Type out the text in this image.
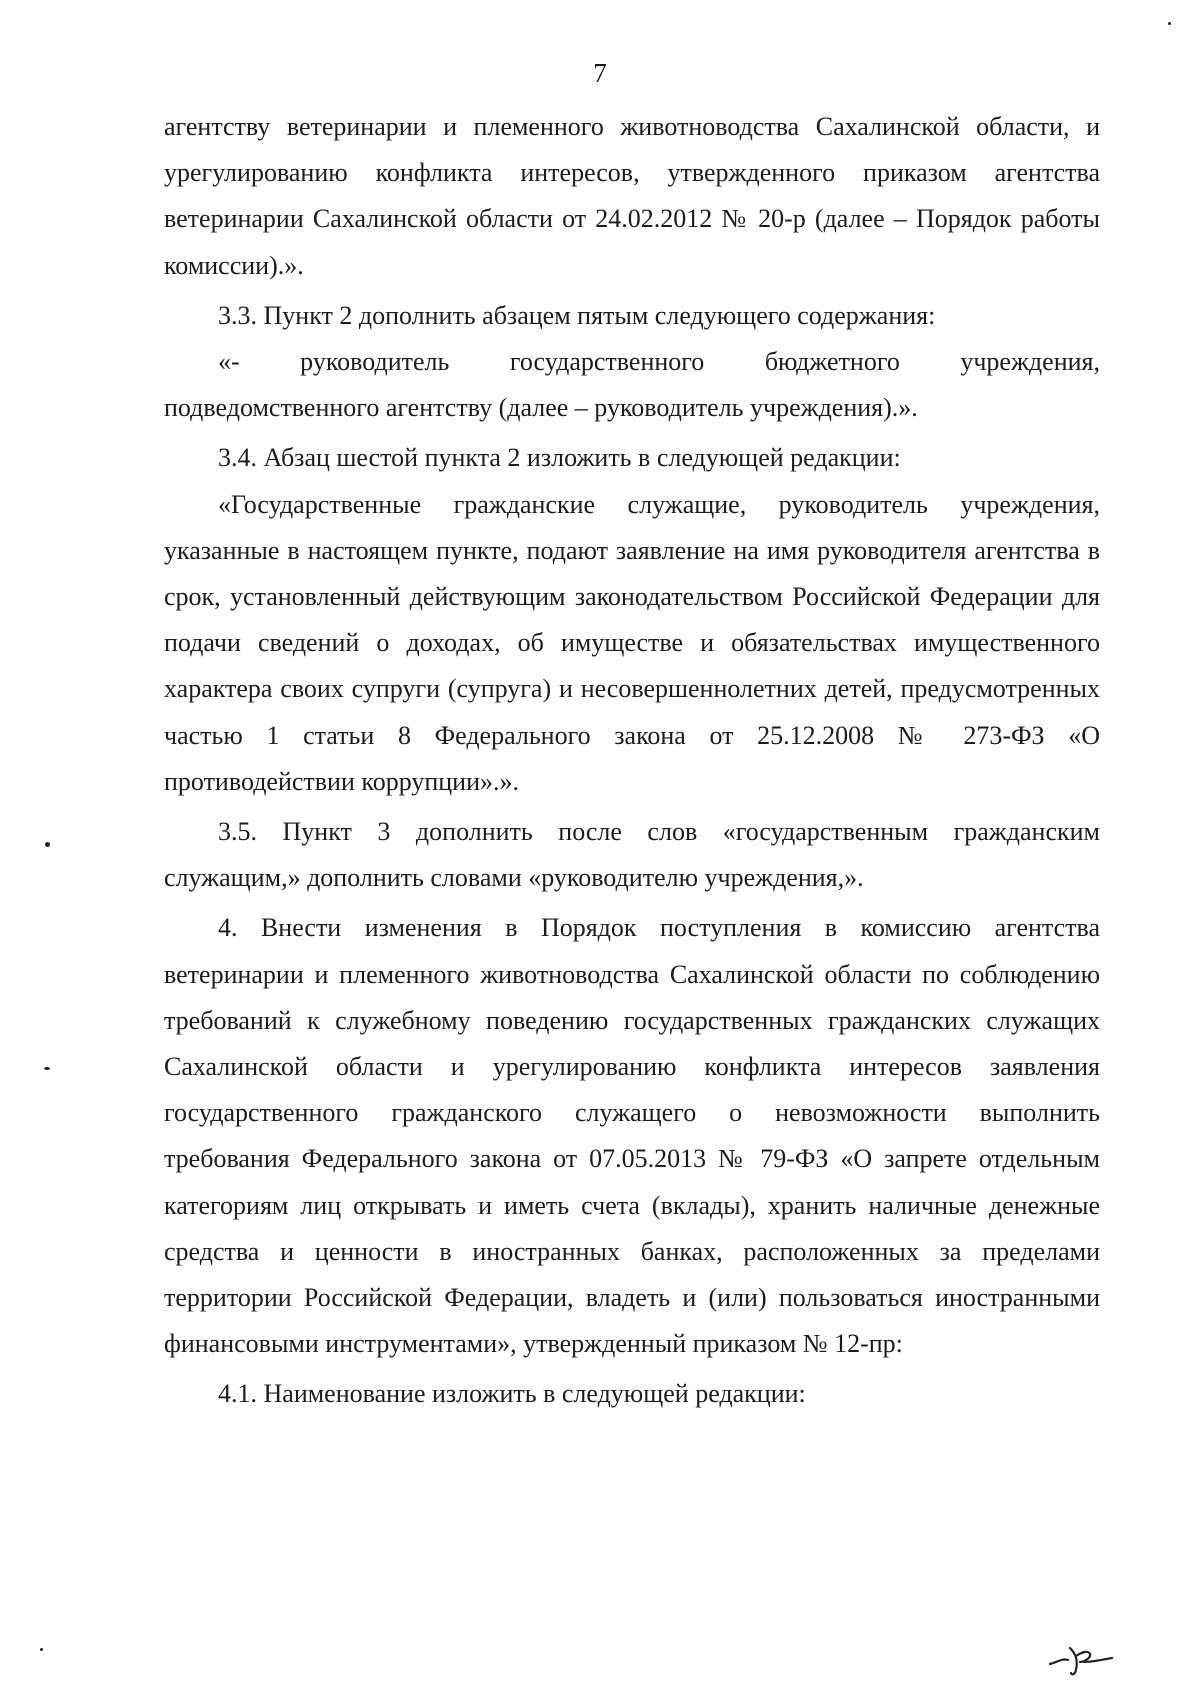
7

агентству ветеринарии и племенного животноводства Сахалинской области, и урегулированию конфликта интересов, утвержденного приказом агентства ветеринарии Сахалинской области от 24.02.2012 № 20-р (далее – Порядок работы комиссии).».

3.3. Пункт 2 дополнить абзацем пятым следующего содержания:

«- руководитель государственного бюджетного учреждения, подведомственного агентству (далее – руководитель учреждения).».

3.4. Абзац шестой пункта 2 изложить в следующей редакции:

«Государственные гражданские служащие, руководитель учреждения, указанные в настоящем пункте, подают заявление на имя руководителя агентства в срок, установленный действующим законодательством Российской Федерации для подачи сведений о доходах, об имуществе и обязательствах имущественного характера своих супруги (супруга) и несовершеннолетних детей, предусмотренных частью 1 статьи 8 Федерального закона от 25.12.2008 № 273-ФЗ «О противодействии коррупции».».

3.5. Пункт 3 дополнить после слов «государственным гражданским служащим,» дополнить словами «руководителю учреждения,».

4. Внести изменения в Порядок поступления в комиссию агентства ветеринарии и племенного животноводства Сахалинской области по соблюдению требований к служебному поведению государственных гражданских служащих Сахалинской области и урегулированию конфликта интересов заявления государственного гражданского служащего о невозможности выполнить требования Федерального закона от 07.05.2013 № 79-ФЗ «О запрете отдельным категориям лиц открывать и иметь счета (вклады), хранить наличные денежные средства и ценности в иностранных банках, расположенных за пределами территории Российской Федерации, владеть и (или) пользоваться иностранными финансовыми инструментами», утвержденный приказом № 12-пр:

4.1. Наименование изложить в следующей редакции:
